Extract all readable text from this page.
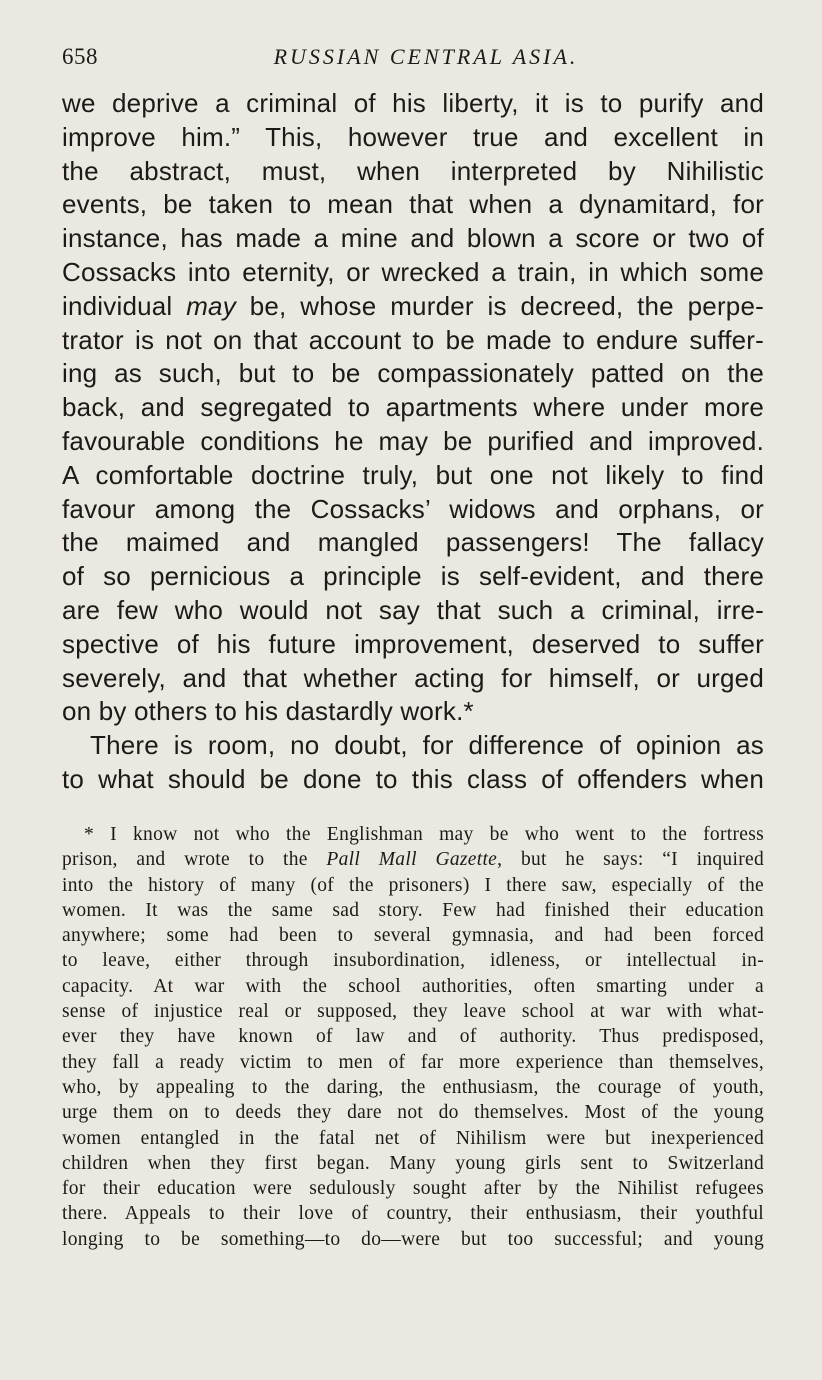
658	RUSSIAN CENTRAL ASIA.
we deprive a criminal of his liberty, it is to purify and
improve him.” This, however true and excellent in
the abstract, must, when interpreted by Nihilistic
events, be taken to mean that when a dynamitard, for
instance, has made a mine and blown a score or two of
Cossacks into eternity, or wrecked a train, in which some
individual may be, whose murder is decreed, the perpe-
trator is not on that account to be made to endure suffer-
ing as such, but to be compassionately patted on the
back, and segregated to apartments where under more
favourable conditions he may be purified and improved.
A comfortable doctrine truly, but one not likely to find
favour among the Cossacks’ widows and orphans, or
the maimed and mangled passengers! The fallacy
of so pernicious a principle is self-evident, and there
are few who would not say that such a criminal, irre-
spective of his future improvement, deserved to suffer
severely, and that whether acting for himself, or urged
on by others to his dastardly work.*
There is room, no doubt, for difference of opinion as
to what should be done to this class of offenders when
* I know not who the Englishman may be who went to the fortress
prison, and wrote to the Pall Mall Gazette, but he says: “I inquired
into the history of many (of the prisoners) I there saw, especially of the
women. It was the same sad story. Few had finished their education
anywhere; some had been to several gymnasia, and had been forced
to leave, either through insubordination, idleness, or intellectual in-
capacity. At war with the school authorities, often smarting under a
sense of injustice real or supposed, they leave school at war with what-
ever they have known of law and of authority. Thus predisposed,
they fall a ready victim to men of far more experience than themselves,
who, by appealing to the daring, the enthusiasm, the courage of youth,
urge them on to deeds they dare not do themselves. Most of the young
women entangled in the fatal net of Nihilism were but inexperienced
children when they first began. Many young girls sent to Switzerland
for their education were sedulously sought after by the Nihilist refugees
there. Appeals to their love of country, their enthusiasm, their youthful
longing to be something—to do—were but too successful; and young
